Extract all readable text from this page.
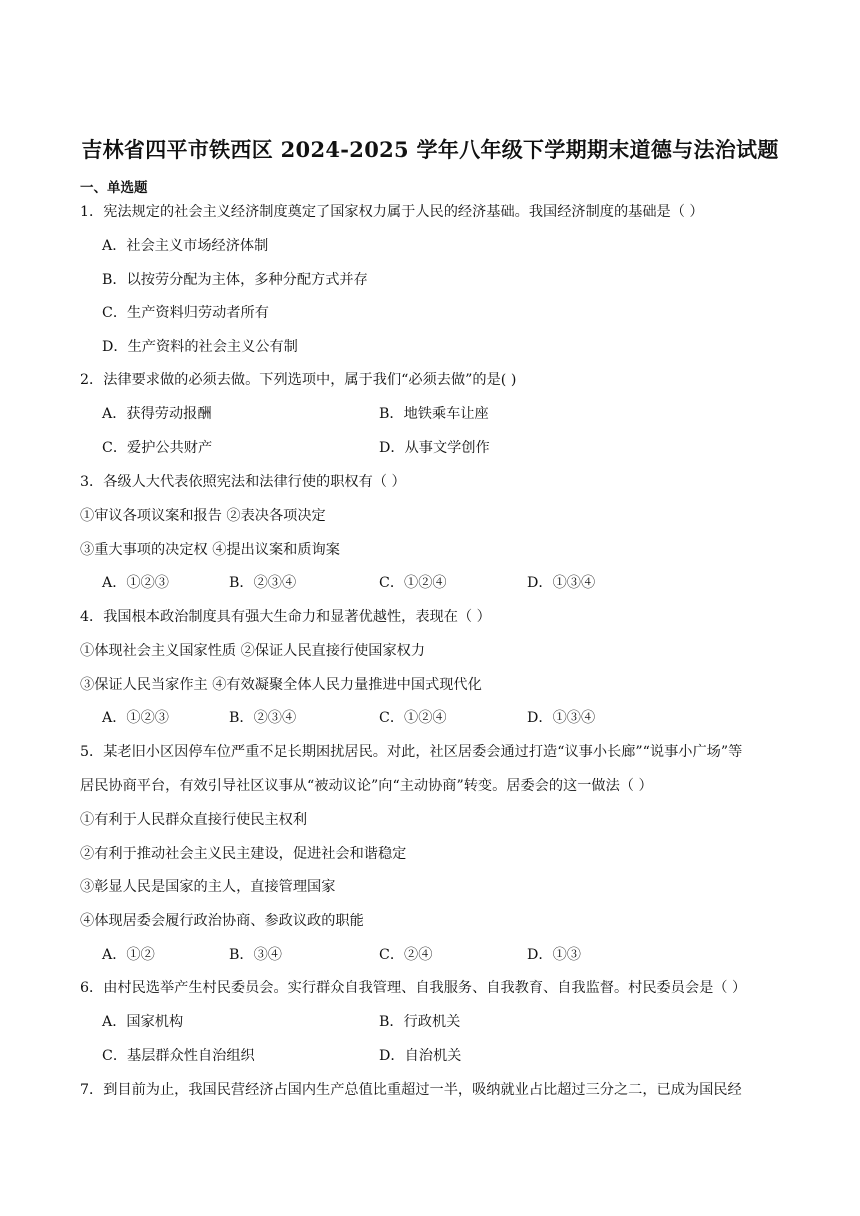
吉林省四平市铁西区 2024-2025 学年八年级下学期期末道德与法治试题
一、单选题
1．宪法规定的社会主义经济制度奠定了国家权力属于人民的经济基础。我国经济制度的基础是（ ）
A．社会主义市场经济体制
B．以按劳分配为主体，多种分配方式并存
C．生产资料归劳动者所有
D．生产资料的社会主义公有制
2．法律要求做的必须去做。下列选项中，属于我们“必须去做”的是( )
A．获得劳动报酬	B．地铁乘车让座
C．爱护公共财产	D．从事文学创作
3．各级人大代表依照宪法和法律行使的职权有（ ）
①审议各项议案和报告 ②表决各项决定
③重大事项的决定权 ④提出议案和质询案
A．①②③	B．②③④	C．①②④	D．①③④
4．我国根本政治制度具有强大生命力和显著优越性，表现在（ ）
①体现社会主义国家性质 ②保证人民直接行使国家权力
③保证人民当家作主 ④有效凝聚全体人民力量推进中国式现代化
A．①②③	B．②③④	C．①②④	D．①③④
5．某老旧小区因停车位严重不足长期困扰居民。对此，社区居委会通过打造“议事小长廊”“说事小广场”等
居民协商平台，有效引导社区议事从“被动议论”向“主动协商”转变。居委会的这一做法（ ）
①有利于人民群众直接行使民主权利
②有利于推动社会主义民主建设，促进社会和谐稳定
③彰显人民是国家的主人，直接管理国家
④体现居委会履行政治协商、参政议政的职能
A．①②	B．③④	C．②④	D．①③
6．由村民选举产生村民委员会。实行群众自我管理、自我服务、自我教育、自我监督。村民委员会是（ ）
A．国家机构	B．行政机关
C．基层群众性自治组织	D．自治机关
7．到目前为止，我国民营经济占国内生产总值比重超过一半，吸纳就业占比超过三分之二，已成为国民经
